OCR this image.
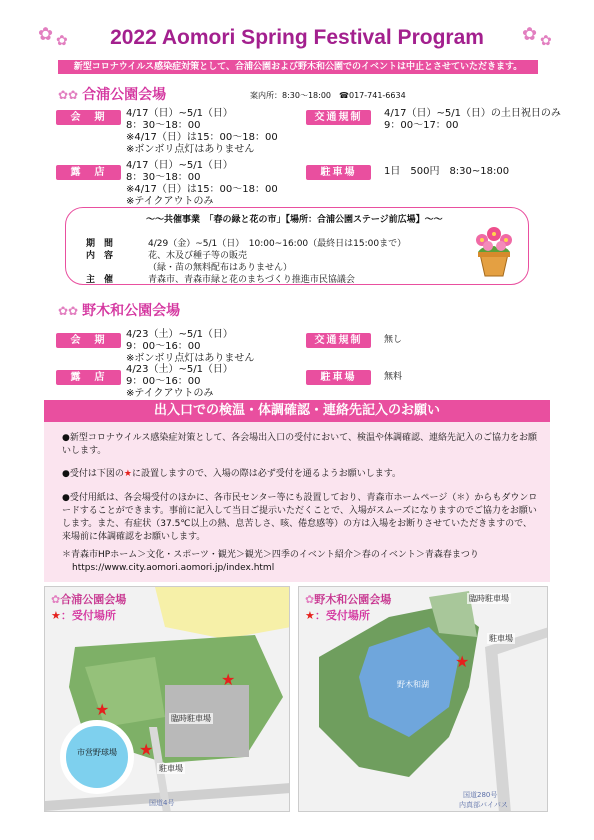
✿ ✿	✿ ✿
2022 Aomori Spring Festival Program
新型コロナウイルス感染症対策として、合浦公園および野木和公園でのイベントは中止とさせていただきます。
✿✿ 合浦公園会場	案内所：8:30〜18:00　☎017-741-6634
会　期	4/17（日）~5/1（日）
8：30～18：00
※4/17（日）は15：00～18：00
※ボンボリ点灯はありません
交通規制	4/17（日）~5/1（日）の土日祝日のみ
9：00～17：00
露　店
4/17（日）~5/1（日）
8：30～18：00
※4/17（日）は15：00～18：00
※テイクアウトのみ
駐車場	1日　500円　8:30~18:00
〜〜共催事業　「春の緑と花の市」【場所：合浦公園ステージ前広場】〜〜
期　間	4/29（金）~5/1（日）　10:00~16:00（最終日は15:00まで）
内　容	花、木及び種子等の販売
（緑・苗の無料配布はありません）
主　催	青森市、青森市緑と花のまちづくり推進市民協議会
✿✿ 野木和公園会場
会　期
4/23（土）~5/1（日）
9：00～16：00
※ボンボリ点灯はありません
交通規制	無し
露　店
4/23（土）~5/1（日）
9：00～16：00
※テイクアウトのみ
駐車場	無料
出入口での検温・体調確認・連絡先記入のお願い
●新型コロナウイルス感染症対策として、各会場出入口の受付において、検温や体調確認、連絡先記入のご協力をお願いします。
●受付は下図の★に設置しますので、入場の際は必ず受付を通るようお願いします。
●受付用紙は、各会場受付のほかに、各市民センター等にも設置しており、青森市ホームページ（＊）からもダウンロードすることができます。事前に記入して当日ご提示いただくことで、入場がスムーズになりますのでご協力をお願いします。また、有症状（37.5℃以上の熱、息苦しさ、咳、倦怠感等）の方は入場をお断りさせていただきますので、来場前に体調確認をお願いします。
＊青森市HPホーム＞文化・スポーツ・観光＞観光＞四季のイベント紹介＞春のイベント＞青森春まつり
https://www.city.aomori.aomori.jp/index.html
★
★
★
✿合浦公園会場
★：受付場所
臨時駐車場
市営野球場
駐車場
国道4号
★
✿野木和公園会場
★：受付場所
臨時駐車場
駐車場
野木和湖
国道280号
内真部バイパス
